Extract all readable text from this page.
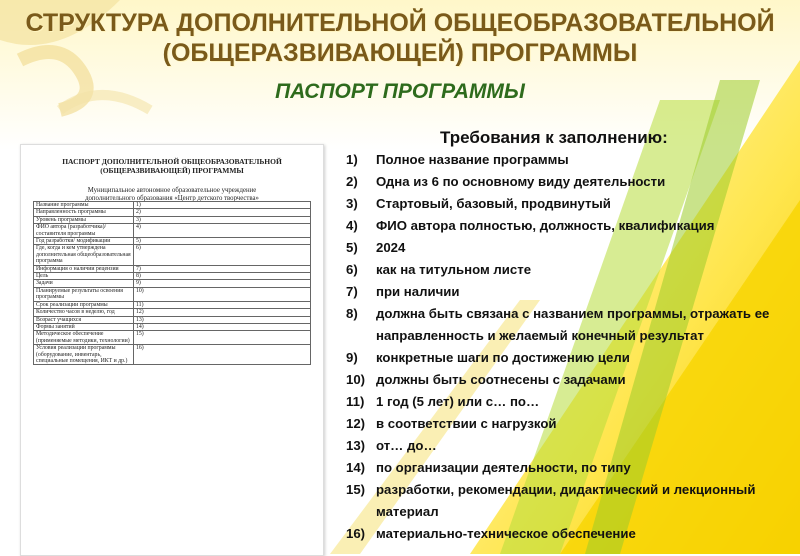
СТРУКТУРА ДОПОЛНИТЕЛЬНОЙ ОБЩЕОБРАЗОВАТЕЛЬНОЙ
(ОБЩЕРАЗВИВАЮЩЕЙ) ПРОГРАММЫ
ПАСПОРТ ПРОГРАММЫ
ПАСПОРТ ДОПОЛНИТЕЛЬНОЙ ОБЩЕОБРАЗОВАТЕЛЬНОЙ
(ОБЩЕРАЗВИВАЮЩЕЙ) ПРОГРАММЫ
Муниципальное автономное образовательное учреждение
дополнительного образования «Центр детского творчества»
Название программы	1)
Направленность программы	2)
Уровень программы	3)
ФИО автора (разработчика)/ составителя программы	4)
Год разработки/ модификации	5)
Где, когда и кем утверждена дополнительная общеобразовательная программа	6)
Информация о наличии рецензии	7)
Цель	8)
Задачи	9)
Планируемые результаты освоения программы	10)
Срок реализации программы	11)
Количество часов в неделю, год	12)
Возраст учащихся	13)
Формы занятий	14)
Методическое обеспечение (применяемые методики, технологии)	15)
Условия реализации программы (оборудование, инвентарь, специальные помещения, ИКТ и др.)	16)
Требования к заполнению:
1)	Полное название программы
2)	Одна из 6 по основному виду деятельности
3)	Стартовый, базовый, продвинутый
4)	ФИО автора полностью, должность, квалификация
5)	2024
6)	как на титульном листе
7)	при наличии
8)	должна быть связана с названием программы, отражать ее направленность и желаемый конечный результат
9)	конкретные шаги по достижению цели
10) должны быть соотнесены с задачами
11) 1 год (5 лет) или с… по…
12) в соответствии с нагрузкой
13) от… до…
14) по организации деятельности, по типу
15) разработки, рекомендации, дидактический и лекционный материал
16) материально-техническое обеспечение
